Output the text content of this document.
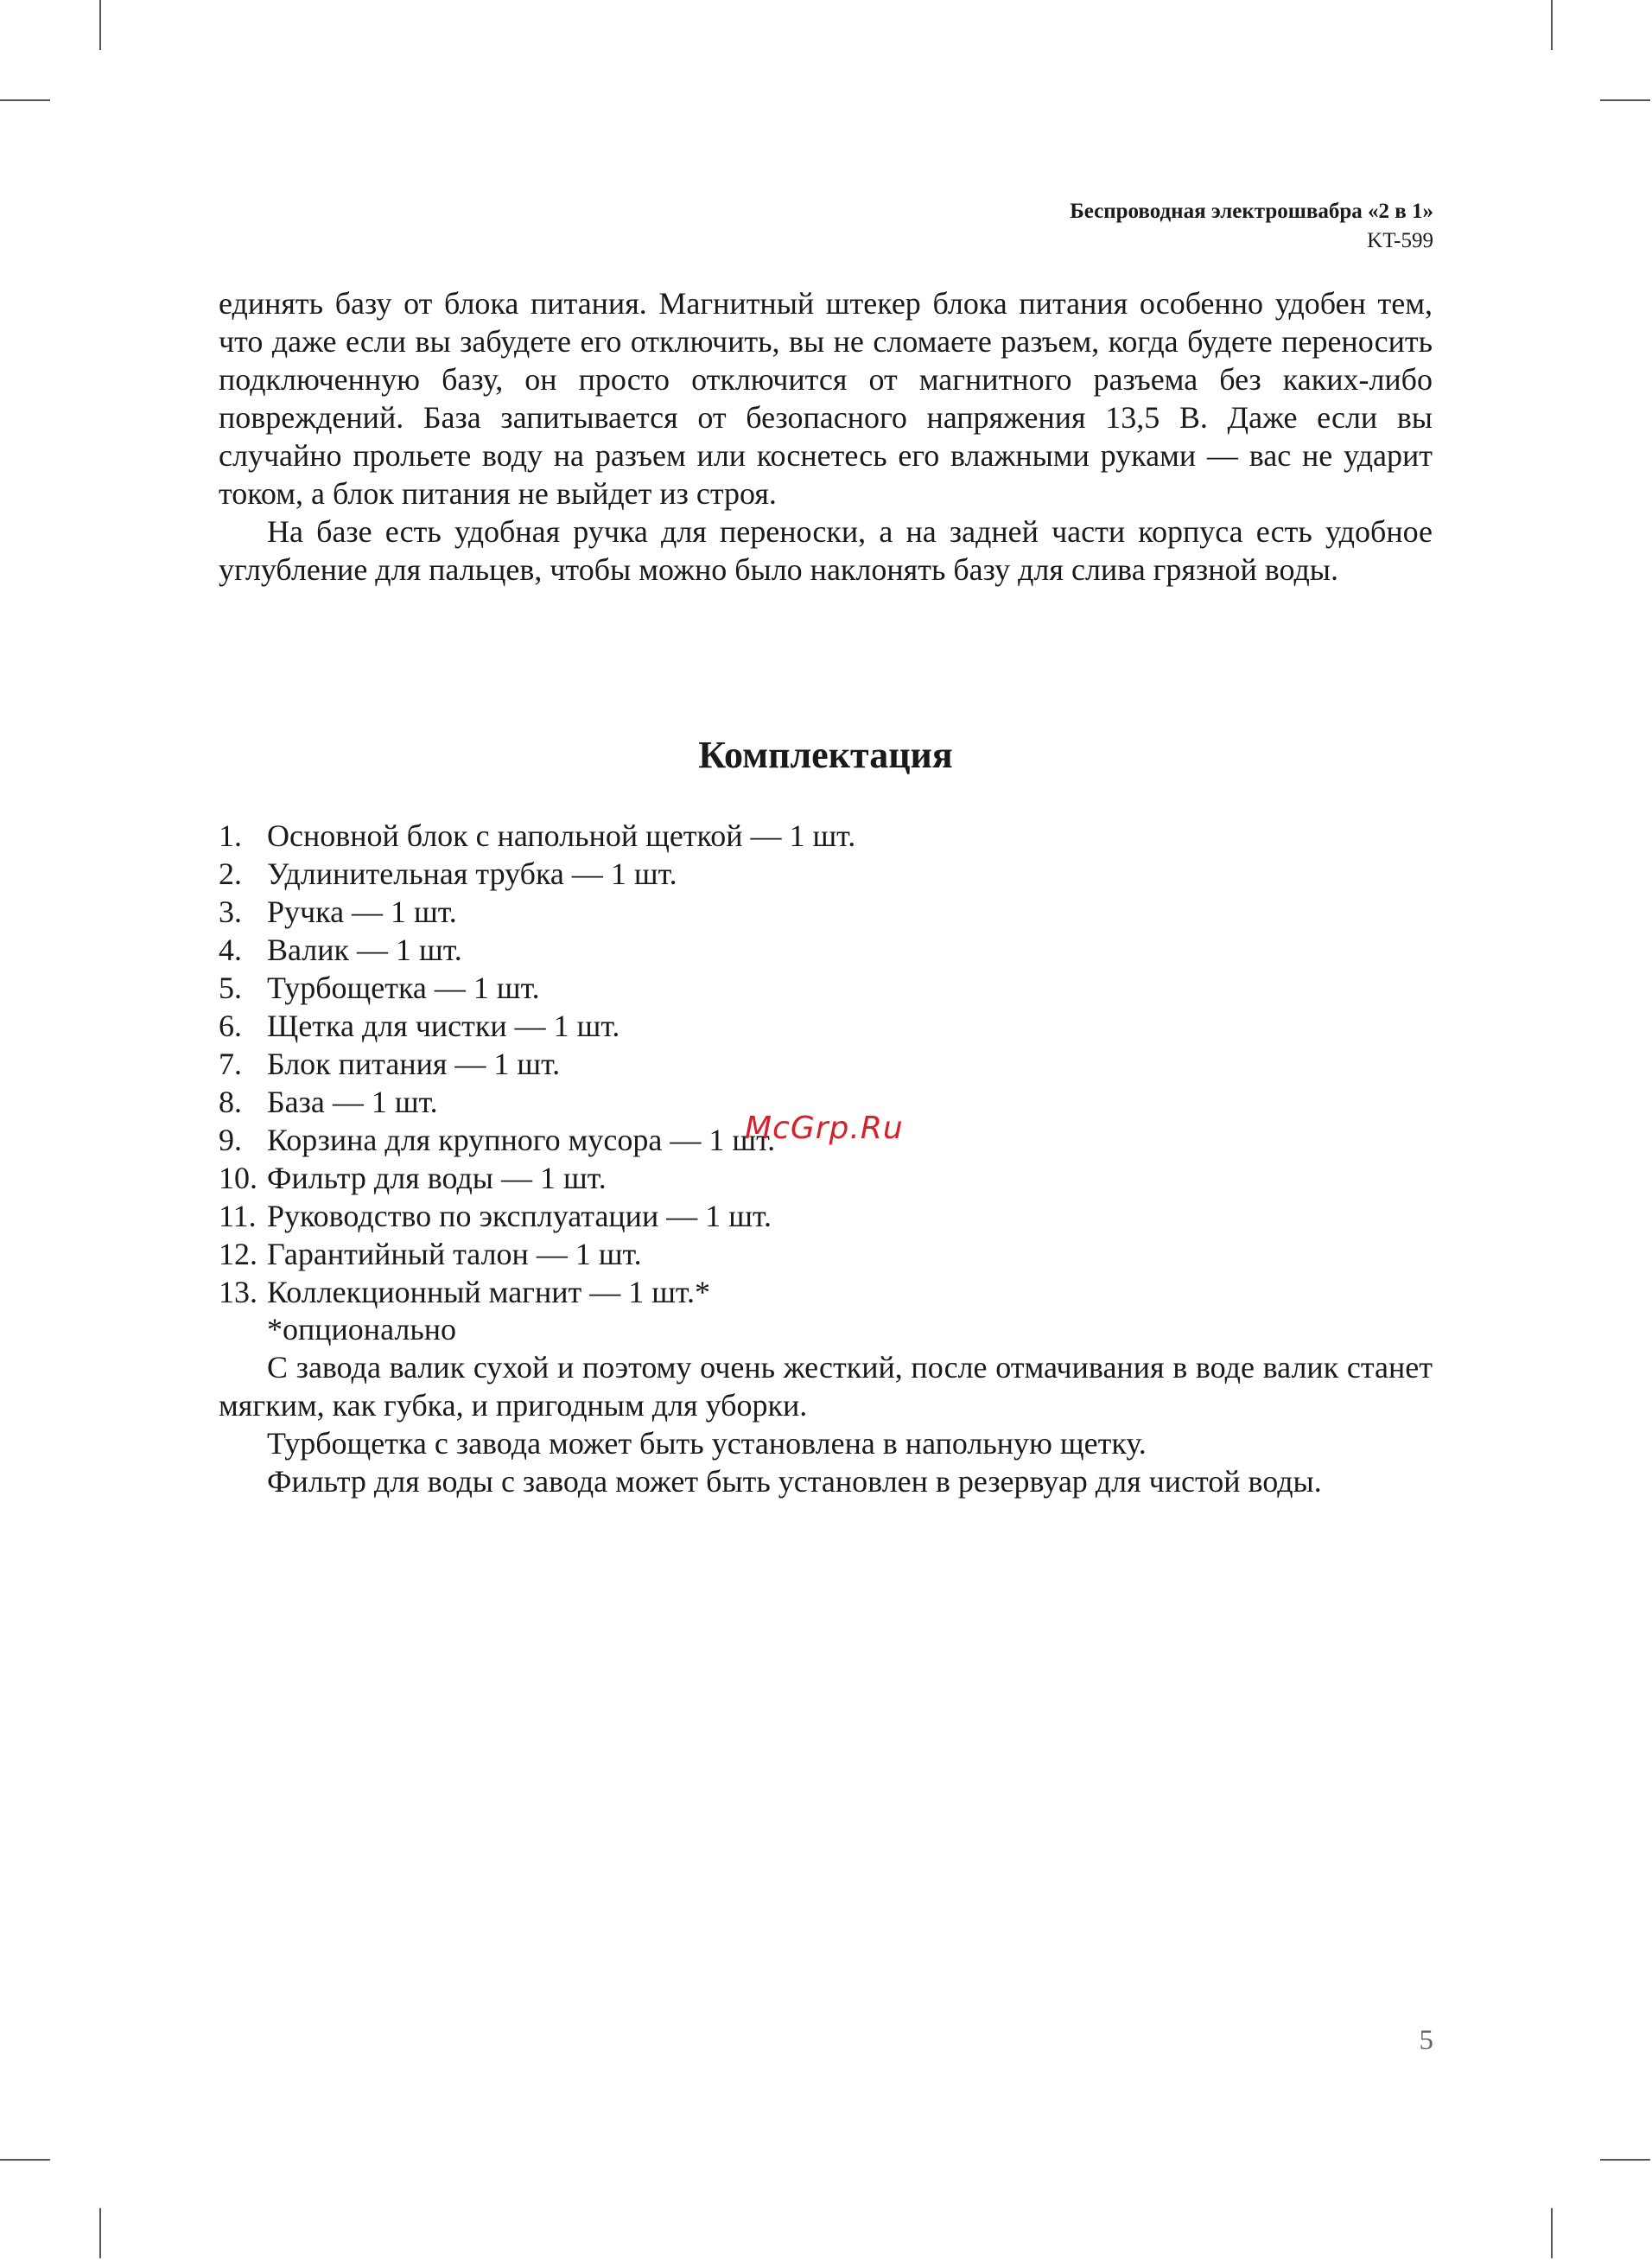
Беспроводная электрошвабра «2 в 1»
KT-599

единять базу от блока питания. Магнитный штекер блока питания особенно удобен тем, что даже если вы забудете его отключить, вы не сломаете разъем, когда будете переносить подключенную базу, он просто отключится от магнитного разъема без каких-либо повреждений. База запитывается от безопасного напряжения 13,5 В. Даже если вы случайно прольете воду на разъем или коснетесь его влажными руками — вас не ударит током, а блок питания не выйдет из строя.

На базе есть удобная ручка для переноски, а на задней части корпуса есть удобное углубление для пальцев, чтобы можно было наклонять базу для слива грязной воды.

Комплектация
1. Основной блок с напольной щеткой — 1 шт.
2. Удлинительная трубка — 1 шт.
3. Ручка — 1 шт.
4. Валик — 1 шт.
5. Турбощетка — 1 шт.
6. Щетка для чистки — 1 шт.
7. Блок питания — 1 шт.
8. База — 1 шт.
9. Корзина для крупного мусора — 1 шт.
10. Фильтр для воды — 1 шт.
11. Руководство по эксплуатации — 1 шт.
12. Гарантийный талон — 1 шт.
13. Коллекционный магнит — 1 шт.*

*опционально

С завода валик сухой и поэтому очень жесткий, после отмачивания в воде валик станет мягким, как губка, и пригодным для уборки.

Турбощетка с завода может быть установлена в напольную щетку.

Фильтр для воды с завода может быть установлен в резервуар для чистой воды.

McGrp.Ru
5
